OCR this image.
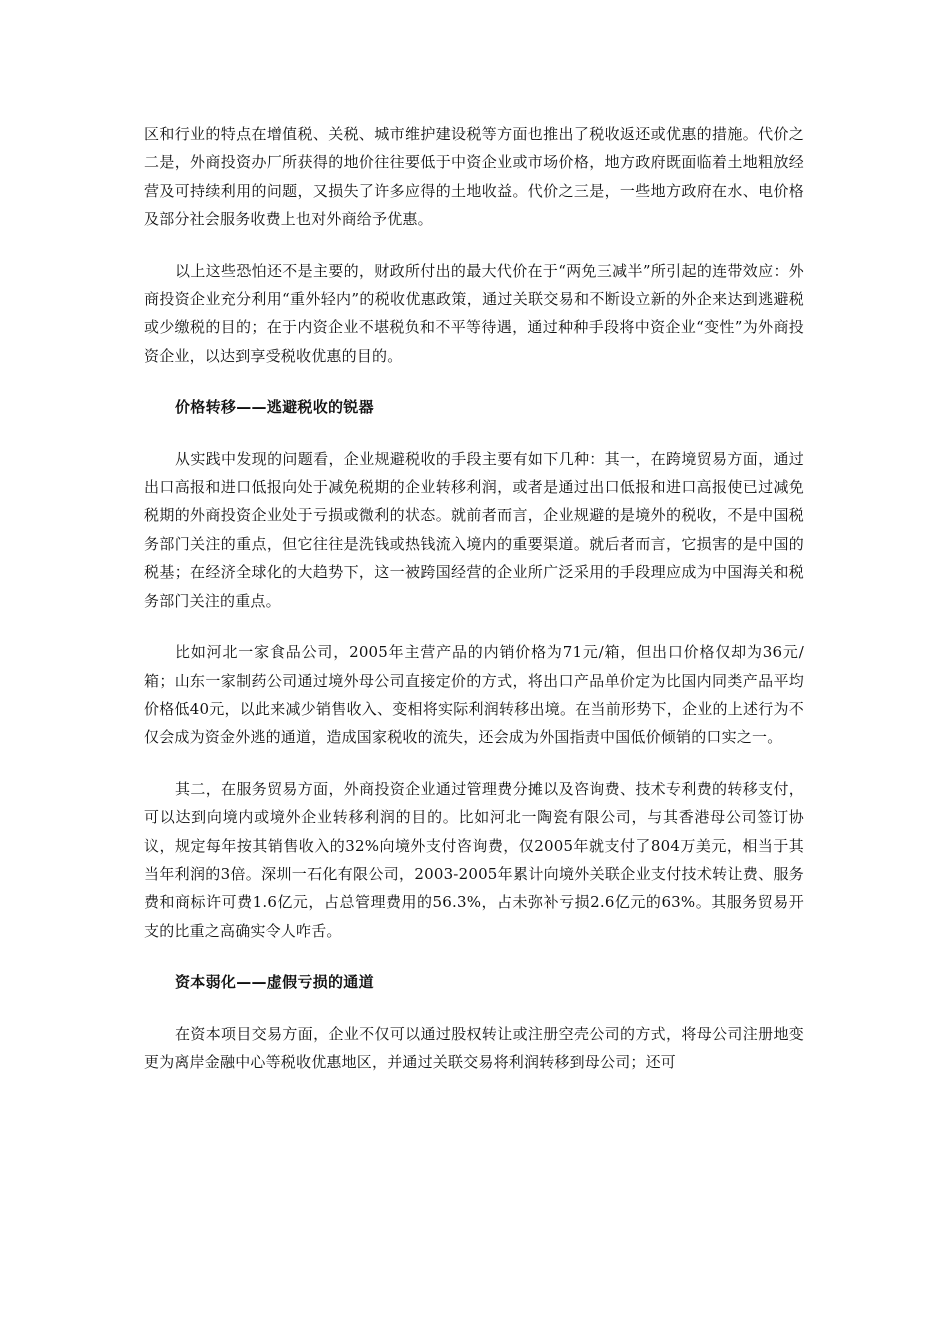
区和行业的特点在增值税、关税、城市维护建设税等方面也推出了税收返还或优惠的措施。代价之二是，外商投资办厂所获得的地价往往要低于中资企业或市场价格，地方政府既面临着土地粗放经营及可持续利用的问题，又损失了许多应得的土地收益。代价之三是，一些地方政府在水、电价格及部分社会服务收费上也对外商给予优惠。

以上这些恐怕还不是主要的，财政所付出的最大代价在于“两免三减半”所引起的连带效应：外商投资企业充分利用“重外轻内”的税收优惠政策，通过关联交易和不断设立新的外企来达到逃避税或少缴税的目的；在于内资企业不堪税负和不平等待遇，通过种种手段将中资企业“变性”为外商投资企业，以达到享受税收优惠的目的。

价格转移——逃避税收的锐器

从实践中发现的问题看，企业规避税收的手段主要有如下几种：其一，在跨境贸易方面，通过出口高报和进口低报向处于减免税期的企业转移利润，或者是通过出口低报和进口高报使已过减免税期的外商投资企业处于亏损或微利的状态。就前者而言，企业规避的是境外的税收，不是中国税务部门关注的重点，但它往往是洗钱或热钱流入境内的重要渠道。就后者而言，它损害的是中国的税基；在经济全球化的大趋势下，这一被跨国经营的企业所广泛采用的手段理应成为中国海关和税务部门关注的重点。

比如河北一家食品公司，2005年主营产品的内销价格为71元/箱，但出口价格仅却为36元/箱；山东一家制药公司通过境外母公司直接定价的方式，将出口产品单价定为比国内同类产品平均价格低40元，以此来减少销售收入、变相将实际利润转移出境。在当前形势下，企业的上述行为不仅会成为资金外逃的通道，造成国家税收的流失，还会成为外国指责中国低价倾销的口实之一。

其二，在服务贸易方面，外商投资企业通过管理费分摊以及咨询费、技术专利费的转移支付，可以达到向境内或境外企业转移利润的目的。比如河北一陶瓷有限公司，与其香港母公司签订协议，规定每年按其销售收入的32%向境外支付咨询费，仅2005年就支付了804万美元，相当于其当年利润的3倍。深圳一石化有限公司，2003-2005年累计向境外关联企业支付技术转让费、服务费和商标许可费1.6亿元，占总管理费用的56.3%，占未弥补亏损2.6亿元的63%。其服务贸易开支的比重之高确实令人咋舌。

资本弱化——虚假亏损的通道

在资本项目交易方面，企业不仅可以通过股权转让或注册空壳公司的方式，将母公司注册地变更为离岸金融中心等税收优惠地区，并通过关联交易将利润转移到母公司；还可
